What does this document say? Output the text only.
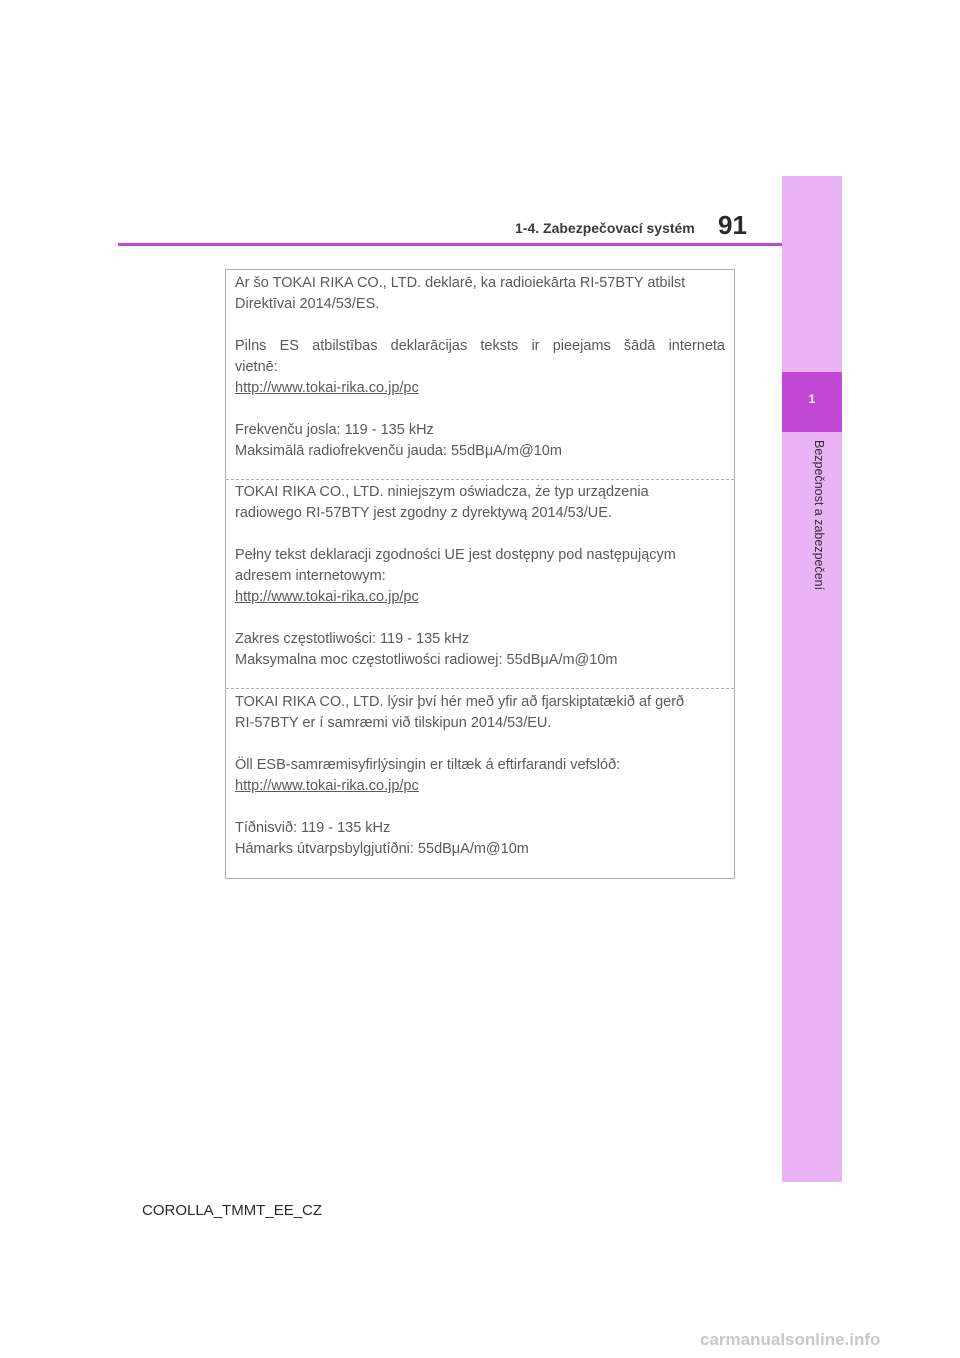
1
Bezpečnost a zabezpečení
1-4. Zabezpečovací systém 91

Ar šo TOKAI RIKA CO., LTD. deklarē, ka radioiekārta RI-57BTY atbilst

Direktīvai 2014/53/ES.

Pilns ES atbilstības deklarācijas teksts ir pieejams šādā interneta

vietnē:

http://www.tokai-rika.co.jp/pc

Frekvenču josla: 119 - 135 kHz

Maksimālā radiofrekvenču jauda: 55dBμA/m@10m

TOKAI RIKA CO., LTD. niniejszym oświadcza, że typ urządzenia

radiowego RI-57BTY jest zgodny z dyrektywą 2014/53/UE.

Pełny tekst deklaracji zgodności UE jest dostępny pod następującym

adresem internetowym:

http://www.tokai-rika.co.jp/pc

Zakres częstotliwości: 119 - 135 kHz

Maksymalna moc częstotliwości radiowej: 55dBμA/m@10m

TOKAI RIKA CO., LTD. lýsir því hér með yfir að fjarskiptatækið af gerð

RI-57BTY er í samræmi við tilskipun 2014/53/EU.

Öll ESB-samræmisyfirlýsingin er tiltæk á eftirfarandi vefslóð:

http://www.tokai-rika.co.jp/pc

Tíðnisvið: 119 - 135 kHz

Hámarks útvarpsbylgjutíðni: 55dBμA/m@10m

COROLLA_TMMT_EE_CZ
carmanualsonline.info
